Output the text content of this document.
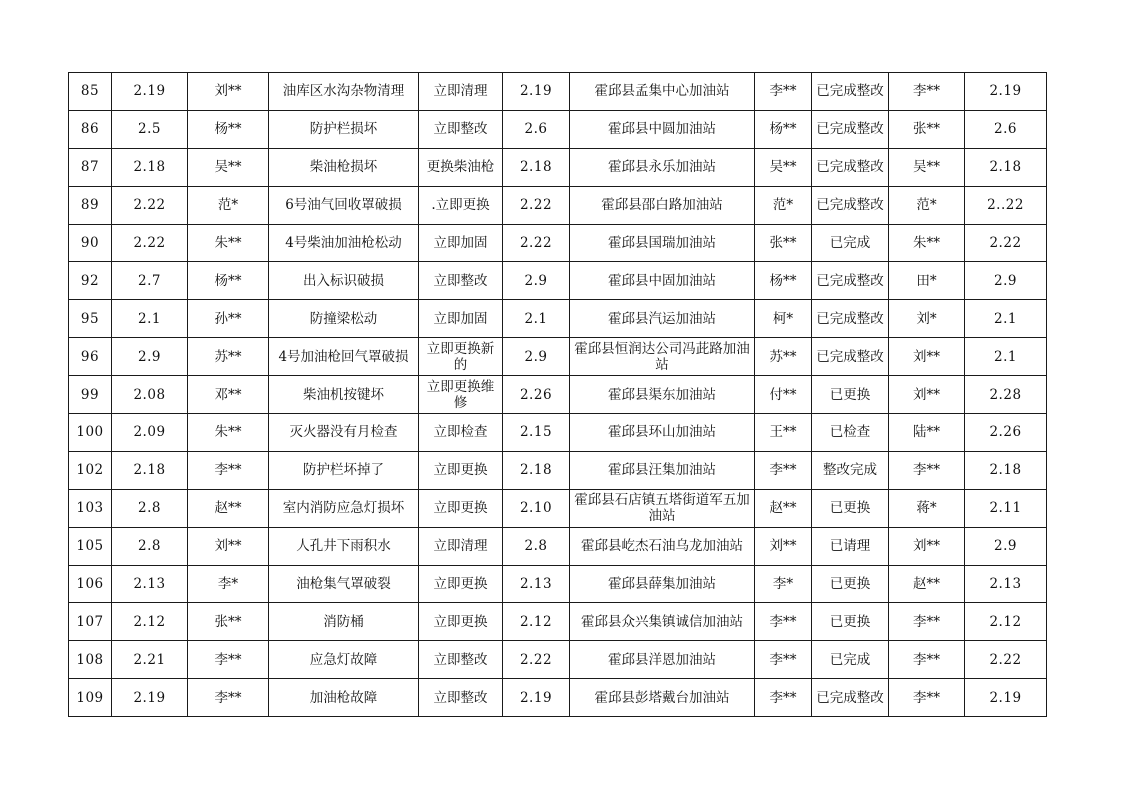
85	2.19	刘**	油库区水沟杂物清理	立即清理	2.19	霍邱县孟集中心加油站	李**	已完成整改	李**	2.19
86	2.5	杨**	防护栏损坏	立即整改	2.6	霍邱县中圆加油站	杨**	已完成整改	张**	2.6
87	2.18	吴**	柴油枪损坏	更换柴油枪	2.18	霍邱县永乐加油站	吴**	已完成整改	吴**	2.18
89	2.22	范*	6号油气回收罩破损	.立即更换	2.22	霍邱县邵白路加油站	范*	已完成整改	范*	2..22
90	2.22	朱**	4号柴油加油枪松动	立即加固	2.22	霍邱县国瑞加油站	张**	已完成	朱**	2.22
92	2.7	杨**	出入标识破损	立即整改	2.9	霍邱县中固加油站	杨**	已完成整改	田*	2.9
95	2.1	孙**	防撞梁松动	立即加固	2.1	霍邱县汽运加油站	柯*	已完成整改	刘*	2.1
96	2.9	苏**	4号加油枪回气罩破损	立即更换新的	2.9	霍邱县恒润达公司冯茈路加油站	苏**	已完成整改	刘**	2.1
99	2.08	邓**	柴油机按键坏	立即更换维修	2.26	霍邱县渠东加油站	付**	已更换	刘**	2.28
100	2.09	朱**	灭火器没有月检查	立即检查	2.15	霍邱县环山加油站	王**	已检查	陆**	2.26
102	2.18	李**	防护栏坏掉了	立即更换	2.18	霍邱县汪集加油站	李**	整改完成	李**	2.18
103	2.8	赵**	室内消防应急灯损坏	立即更换	2.10	霍邱县石店镇五塔街道军五加油站	赵**	已更换	蒋*	2.11
105	2.8	刘**	人孔井下雨积水	立即清理	2.8	霍邱县屹杰石油乌龙加油站	刘**	已请理	刘**	2.9
106	2.13	李*	油枪集气罩破裂	立即更换	2.13	霍邱县薛集加油站	李*	已更换	赵**	2.13
107	2.12	张**	消防桶	立即更换	2.12	霍邱县众兴集镇诚信加油站	李**	已更换	李**	2.12
108	2.21	李**	应急灯故障	立即整改	2.22	霍邱县洋恩加油站	李**	已完成	李**	2.22
109	2.19	李**	加油枪故障	立即整改	2.19	霍邱县彭塔戴台加油站	李**	已完成整改	李**	2.19
